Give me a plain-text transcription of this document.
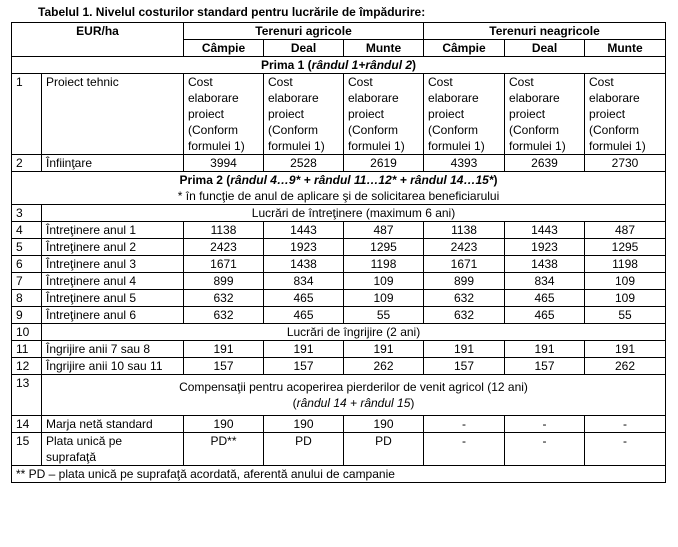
Tabelul 1. Nivelul costurilor standard pentru lucrările de împădurire:
EUR/ha		Terenuri agricole			Terenuri neagricole		
		Câmpie	Deal	Munte	Câmpie	Deal	Munte
Prima 1 (rândul 1+rândul 2)							
1	Proiect tehnic	Cost
elaborare
proiect
(Conform
formulei 1)	Cost
elaborare
proiect
(Conform
formulei 1)	Cost
elaborare
proiect
(Conform
formulei 1)	Cost
elaborare
proiect
(Conform
formulei 1)	Cost
elaborare
proiect
(Conform
formulei 1)	Cost
elaborare
proiect
(Conform
formulei 1)

2	Înfiinţare	3994	2528	2619	4393	2639	2730

Prima 2 (rândul 4…9* + rândul 11…12* + rândul 14…15*)
* în funcţie de anul de aplicare şi de solicitarea beneficiarului							

3	Lucrări de întreţinere (maximum 6 ani)						
4	Întreţinere anul 1	1138	1443	487	1138	1443	487
5	Întreţinere anul 2	2423	1923	1295	2423	1923	1295
6	Întreţinere anul 3	1671	1438	1198	1671	1438	1198
7	Întreţinere anul 4	899	834	109	899	834	109
8	Întreţinere anul 5	632	465	109	632	465	109
9	Întreţinere anul 6	632	465	55	632	465	55
10	Lucrări de îngrijire (2 ani)						
11	Îngrijire anii 7 sau 8	191	191	191	191	191	191
12	Îngrijire anii 10 sau 11	157	157	262	157	157	262
13	Compensaţii pentru acoperirea pierderilor de venit agricol (12 ani)
(rândul 14 + rândul 15)						

14	Marja netă standard	190	190	190	-	-	-
15	Plata unică pe
suprafaţă	PD**	PD	PD	-	-	-
** PD – plata unică pe suprafaţă acordată, aferentă anului de campanie							
